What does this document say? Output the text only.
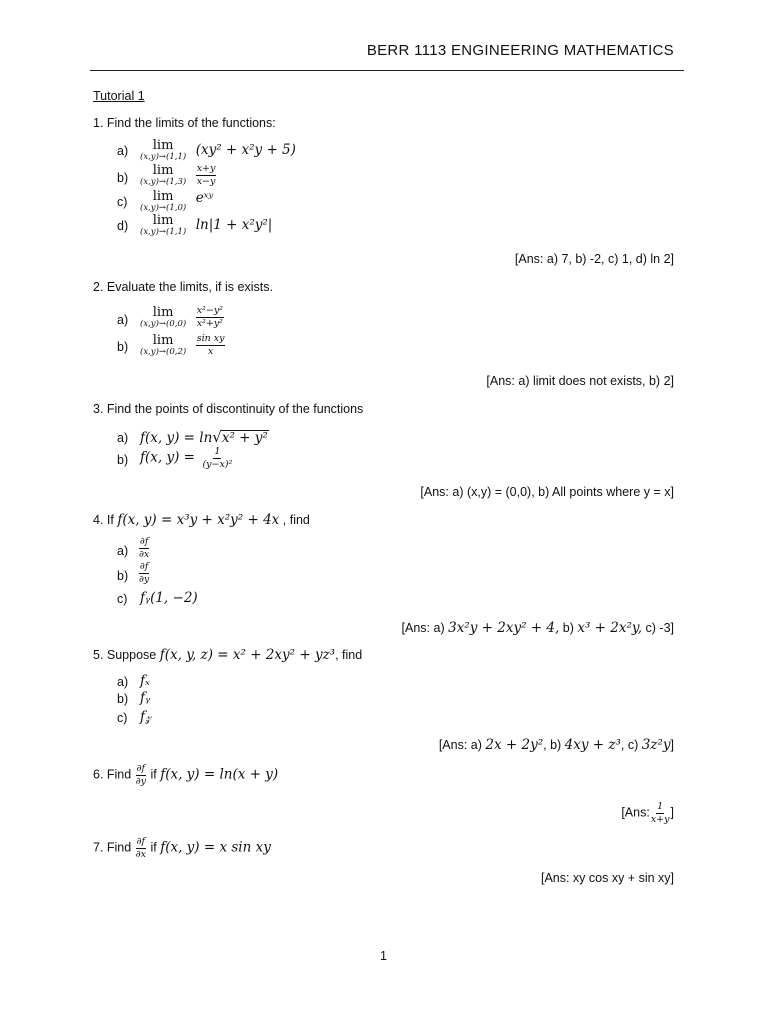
BERR 1113 ENGINEERING MATHEMATICS
Tutorial 1
1. Find the limits of the functions:
a) lim
(x,y)→(1,1) (xy² + x²y + 5)
b) lim
(x,y)→(1,3)
$\frac{x+y}{x-y}$
c) lim
(x,y)→(1,0)
eˣʸ
d) lim
(x,y)→(1,1) ln|1 + x²y²|
[Ans: a) 7, b) -2, c) 1, d) ln 2]
2. Evaluate the limits, if is exists.
a) lim
(x,y)→(0,0)
$\frac{\text{x²−y²}}{\text{x²+y²}}$
b) lim
(x,y)→(0,2)
$\frac{\text{sin xy}}{x}$
[Ans: a) limit does not exists, b) 2]
3. Find the points of discontinuity of the functions
a) f(x, y) = ln√x² + y²
b) f(x, $y) = \frac{1}{\text{(y−x)²}}$
[Ans: a) (x,y) = (0,0), b) All points where y = x]
4. If f(x, y) = x³y + x²y² + 4x , find
$a) \frac{\partial f}{\partial x}$
$b) \frac{\partial f}{\partial y}$
c) fᵧ(1, −2)
[Ans: a) 3x²y + 2xy² + 4, b) x³ + 2x²y, c) -3]
5. Suppose f(x, y, z) = x² + 2xy² + yz³, find
a) fₓ
b) fᵧ
c) f𝓏
[Ans: a) 2x + 2y², b) 4xy + z³, c) 3z²y]
6. Find $\frac{\partial f}{\partial y}$ if f(x, y) = ln(x + y)
[Ans: $\frac{1}{x+y}$ ]
7. Find $\frac{\partial f}{\partial x}$ if f(x, y) = x sin xy
[Ans: xy cos xy + sin xy]
1
